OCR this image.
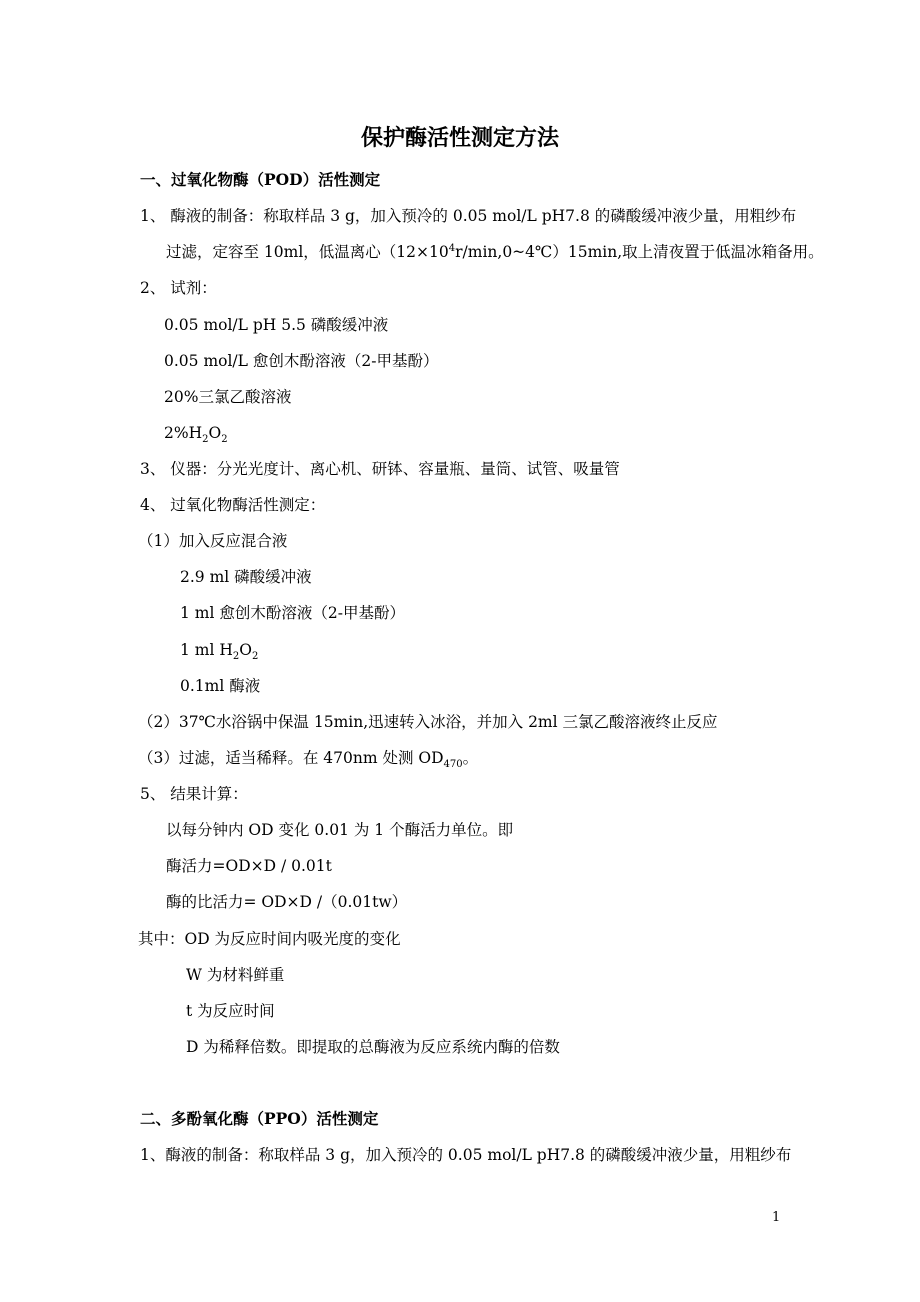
保护酶活性测定方法
一、过氧化物酶（POD）活性测定
1、 酶液的制备：称取样品 3 g，加入预冷的 0.05 mol/L pH7.8 的磷酸缓冲液少量，用粗纱布
过滤，定容至 10ml，低温离心$(12\times 10^4r/\min,0\sim 4℃)15\min$,取上清夜置于低温冰箱备用。
2、 试剂：
0.05 mol/L pH 5.5 磷酸缓冲液
0.05 mol/L 愈创木酚溶液（2-甲基酚）
20%三氯乙酸溶液
$2\%H_2O_2$
3、 仪器：分光光度计、离心机、研钵、容量瓶、量筒、试管、吸量管
4、 过氧化物酶活性测定：
（1）加入反应混合液
2.9 ml 磷酸缓冲液
1 ml 愈创木酚溶液（2-甲基酚）
1 ml $H_2O_2$
0.1ml 酶液
（2）37℃水浴锅中保温 15min,迅速转入冰浴，并加入 2ml 三氯乙酸溶液终止反应
（3）过滤，适当稀释。在 470nm 处测 $OD_{470}$。
5、 结果计算：
以每分钟内 OD 变化 0.01 为 1 个酶活力单位。即
酶活力=OD×D / 0.01t
酶的比活力= OD×D /（0.01tw）
其中：OD 为反应时间内吸光度的变化
W 为材料鲜重
t 为反应时间
D 为稀释倍数。即提取的总酶液为反应系统内酶的倍数
二、多酚氧化酶（PPO）活性测定
1、酶液的制备：称取样品 3 g，加入预冷的 0.05 mol/L pH7.8 的磷酸缓冲液少量，用粗纱布
1
